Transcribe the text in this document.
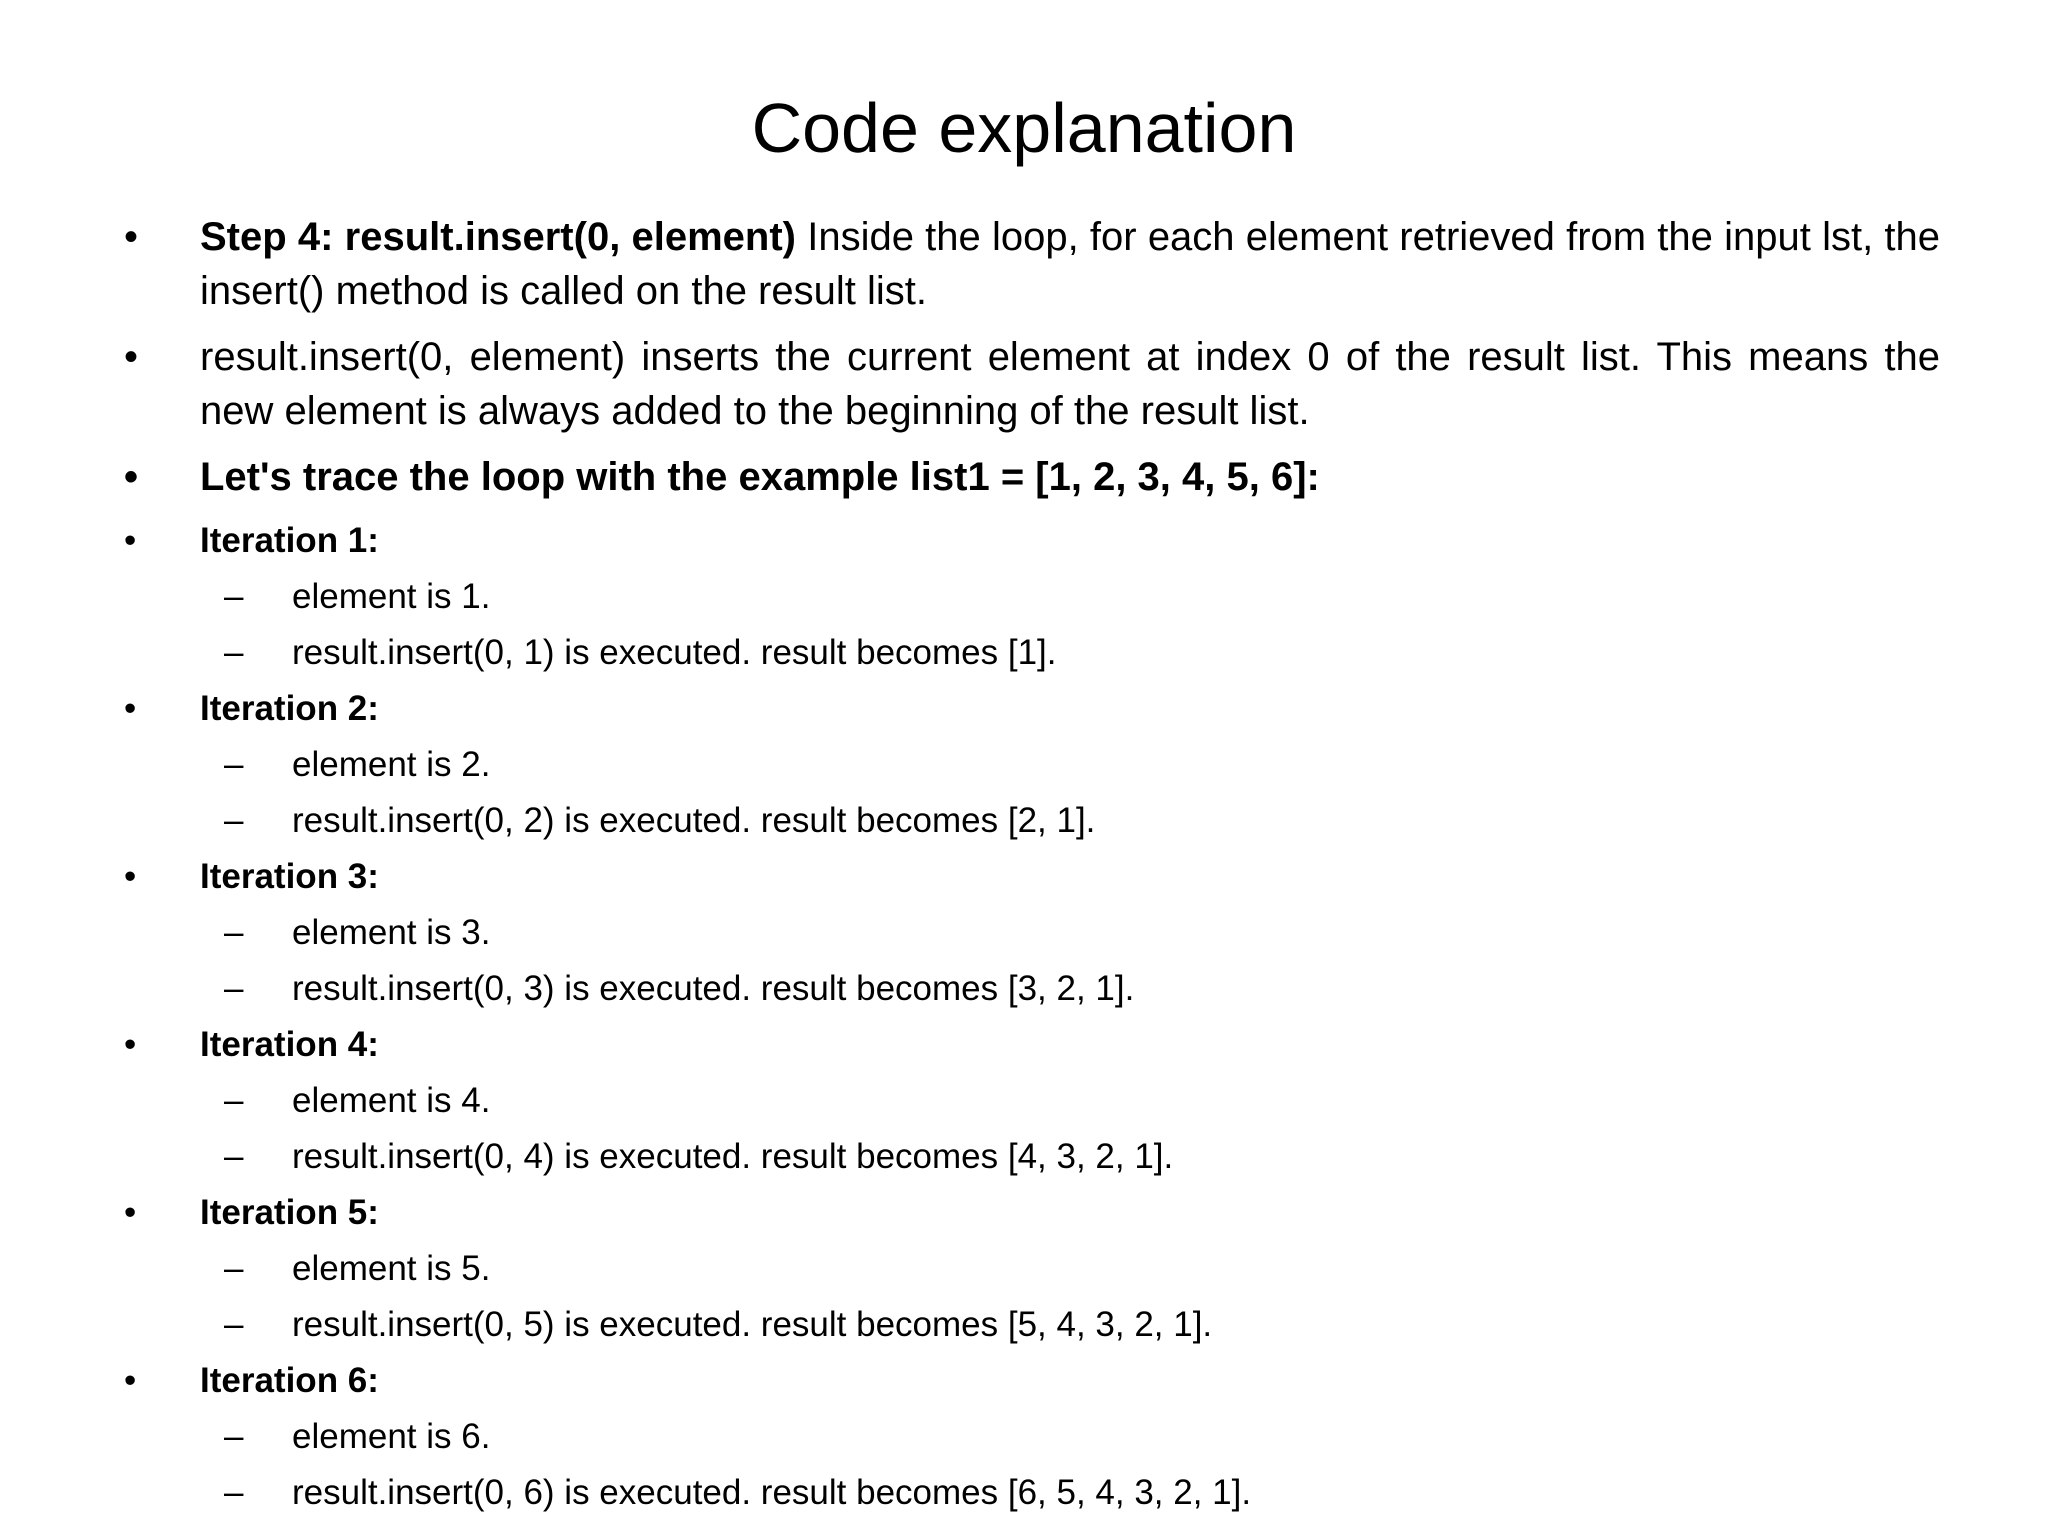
Code explanation
• Step 4: result.insert(0, element) Inside the loop, for each element retrieved from the input lst, the insert() method is called on the result list.
• result.insert(0, element) inserts the current element at index 0 of the result list. This means the new element is always added to the beginning of the result list.
• Let's trace the loop with the example list1 = [1, 2, 3, 4, 5, 6]:
• Iteration 1:
– element is 1.
– result.insert(0, 1) is executed. result becomes [1].
• Iteration 2:
– element is 2.
– result.insert(0, 2) is executed. result becomes [2, 1].
• Iteration 3:
– element is 3.
– result.insert(0, 3) is executed. result becomes [3, 2, 1].
• Iteration 4:
– element is 4.
– result.insert(0, 4) is executed. result becomes [4, 3, 2, 1].
• Iteration 5:
– element is 5.
– result.insert(0, 5) is executed. result becomes [5, 4, 3, 2, 1].
• Iteration 6:
– element is 6.
– result.insert(0, 6) is executed. result becomes [6, 5, 4, 3, 2, 1].
